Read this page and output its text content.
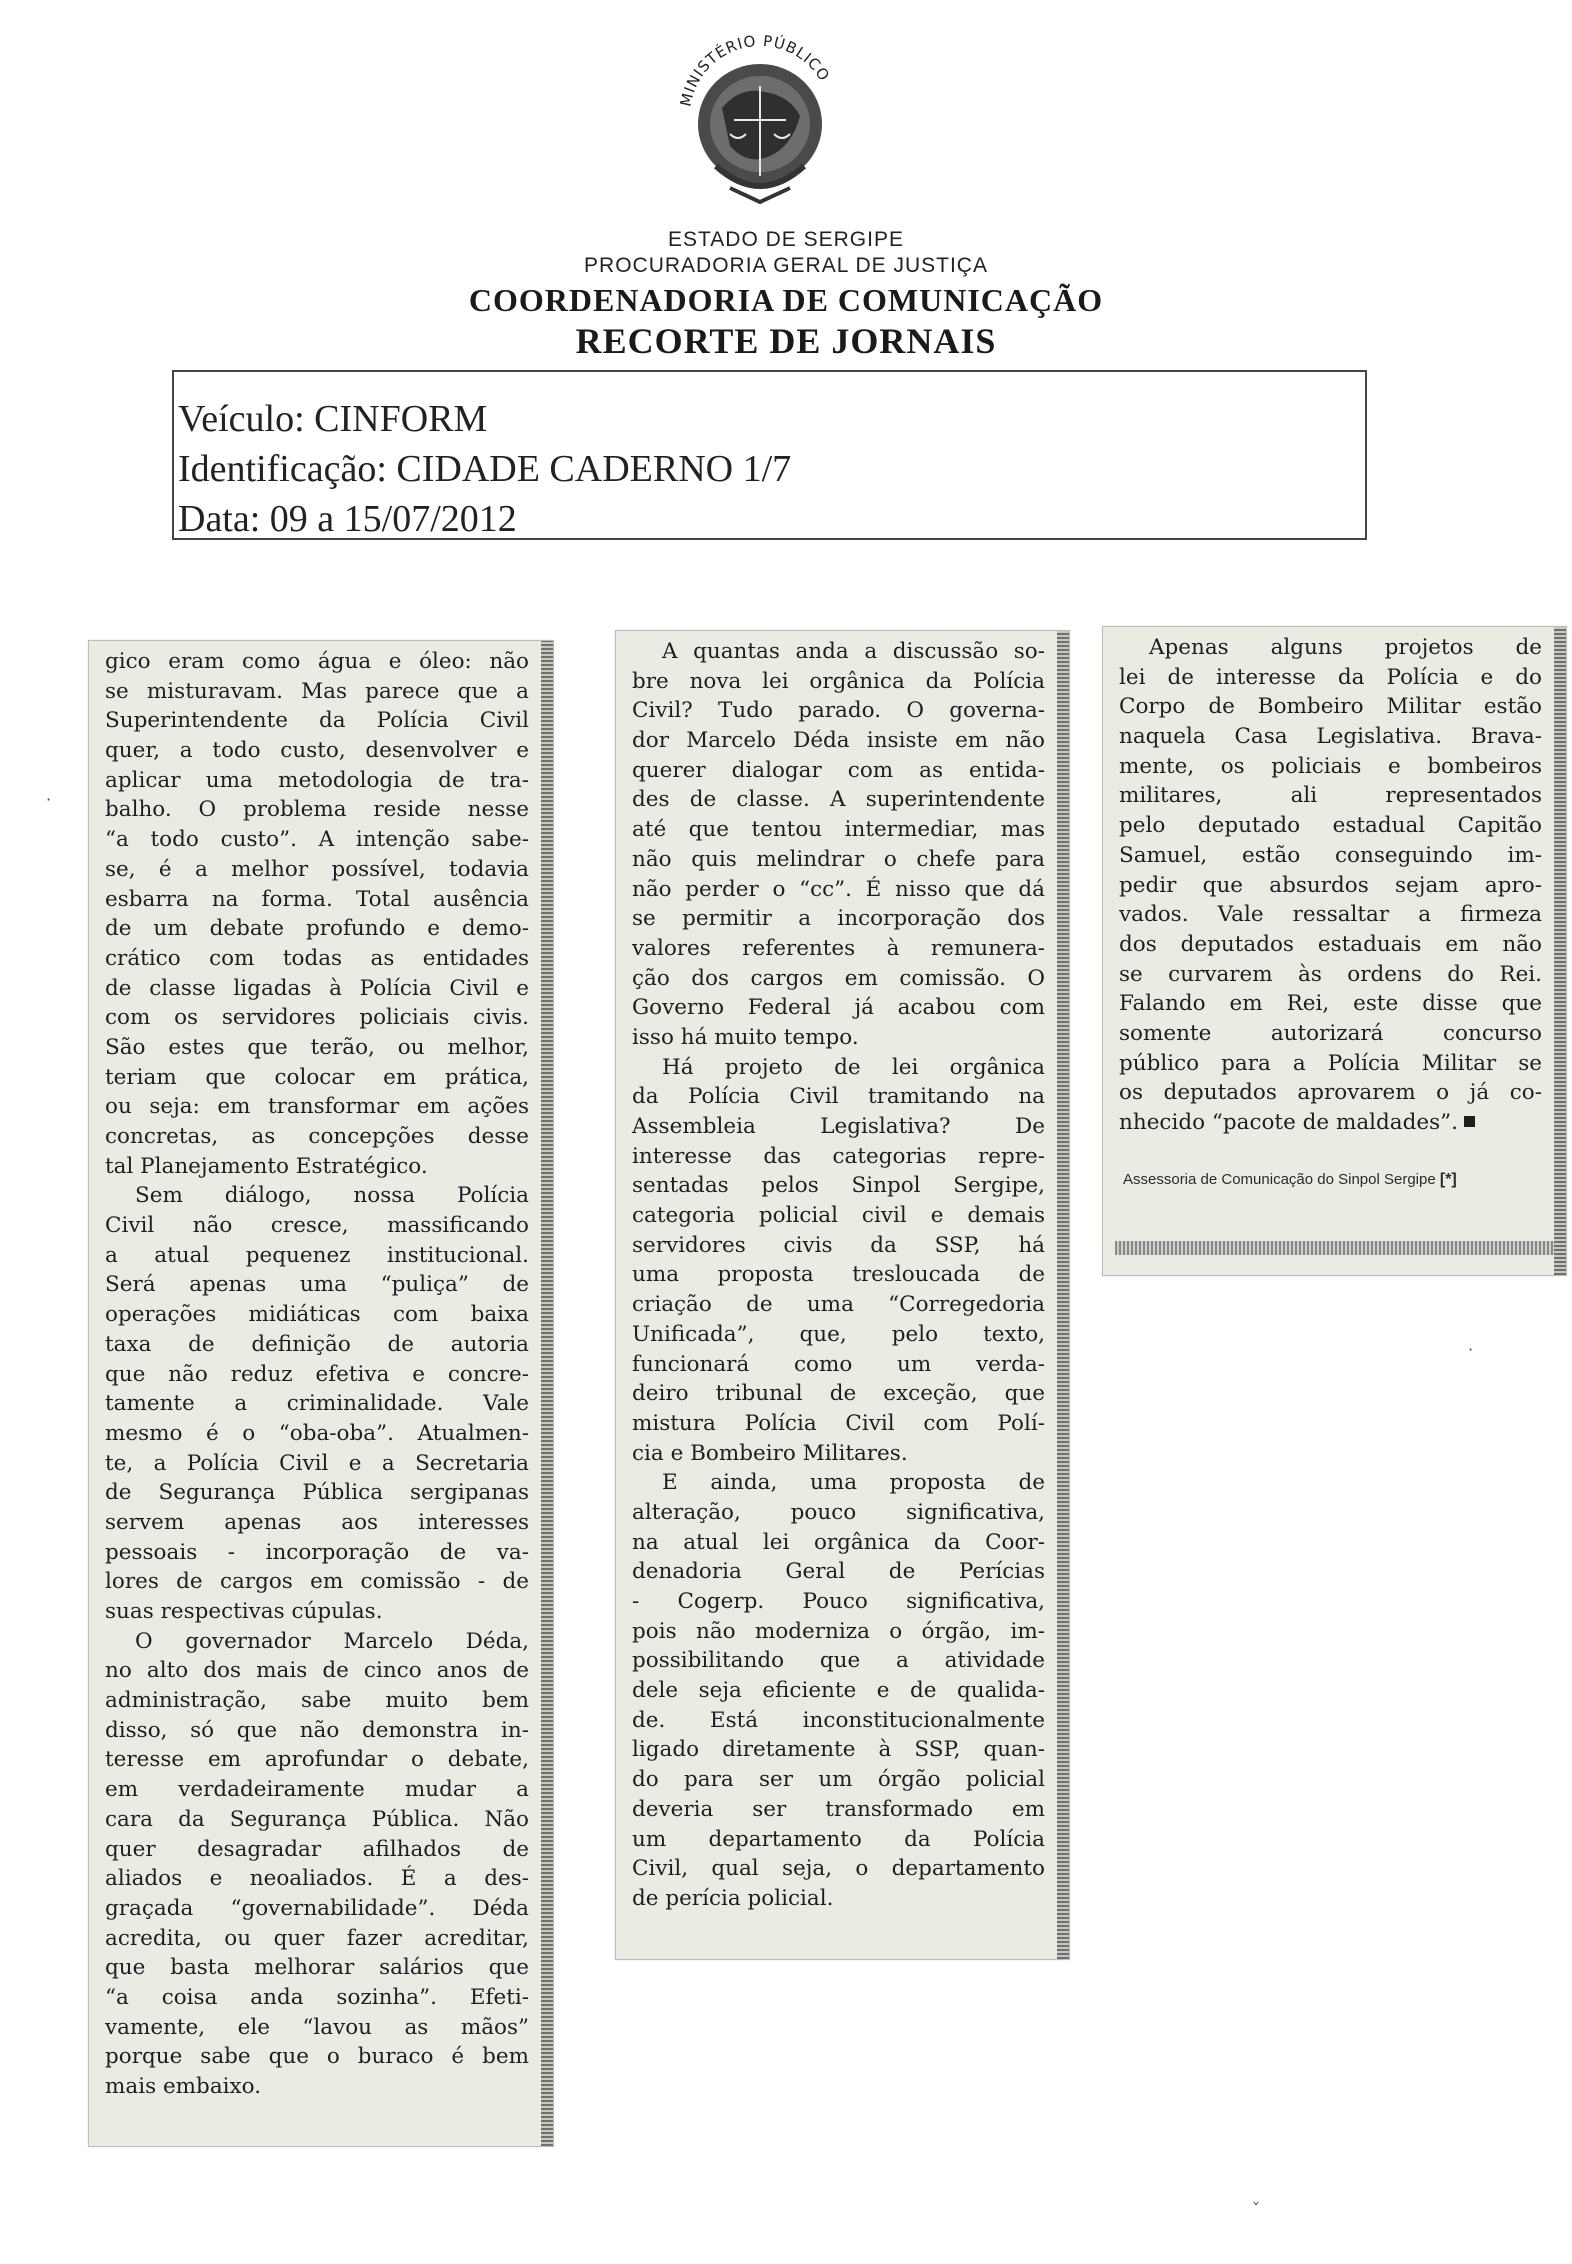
MINISTÉRIO PÚBLICO
ESTADO DE SERGIPE
PROCURADORIA GERAL DE JUSTIÇA
COORDENADORIA DE COMUNICAÇÃO
RECORTE DE JORNAIS
Veículo: CINFORM
Identificação: CIDADE CADERNO 1/7
Data: 09 a 15/07/2012
gico eram como água e óleo: não
se misturavam. Mas parece que a
Superintendente da Polícia Civil
quer, a todo custo, desenvolver e
aplicar uma metodologia de tra-
balho. O problema reside nesse
“a todo custo”. A intenção sabe-
se, é a melhor possível, todavia
esbarra na forma. Total ausência
de um debate profundo e demo-
crático com todas as entidades
de classe ligadas à Polícia Civil e
com os servidores policiais civis.
São estes que terão, ou melhor,
teriam que colocar em prática,
ou seja: em transformar em ações
concretas, as concepções desse
tal Planejamento Estratégico.
Sem diálogo, nossa Polícia
Civil não cresce, massificando
a atual pequenez institucional.
Será apenas uma “puliça” de
operações midiáticas com baixa
taxa de definição de autoria
que não reduz efetiva e concre-
tamente a criminalidade. Vale
mesmo é o “oba-oba”. Atualmen-
te, a Polícia Civil e a Secretaria
de Segurança Pública sergipanas
servem apenas aos interesses
pessoais - incorporação de va-
lores de cargos em comissão - de
suas respectivas cúpulas.
O governador Marcelo Déda,
no alto dos mais de cinco anos de
administração, sabe muito bem
disso, só que não demonstra in-
teresse em aprofundar o debate,
em verdadeiramente mudar a
cara da Segurança Pública. Não
quer desagradar afilhados de
aliados e neoaliados. É a des-
graçada “governabilidade”. Déda
acredita, ou quer fazer acreditar,
que basta melhorar salários que
“a coisa anda sozinha”. Efeti-
vamente, ele “lavou as mãos”
porque sabe que o buraco é bem
mais embaixo.
A quantas anda a discussão so-
bre nova lei orgânica da Polícia
Civil? Tudo parado. O governa-
dor Marcelo Déda insiste em não
querer dialogar com as entida-
des de classe. A superintendente
até que tentou intermediar, mas
não quis melindrar o chefe para
não perder o “cc”. É nisso que dá
se permitir a incorporação dos
valores referentes à remunera-
ção dos cargos em comissão. O
Governo Federal já acabou com
isso há muito tempo.
Há projeto de lei orgânica
da Polícia Civil tramitando na
Assembleia Legislativa? De
interesse das categorias repre-
sentadas pelos Sinpol Sergipe,
categoria policial civil e demais
servidores civis da SSP, há
uma proposta tresloucada de
criação de uma “Corregedoria
Unificada”, que, pelo texto,
funcionará como um verda-
deiro tribunal de exceção, que
mistura Polícia Civil com Polí-
cia e Bombeiro Militares.
E ainda, uma proposta de
alteração, pouco significativa,
na atual lei orgânica da Coor-
denadoria Geral de Perícias
- Cogerp. Pouco significativa,
pois não moderniza o órgão, im-
possibilitando que a atividade
dele seja eficiente e de qualida-
de. Está inconstitucionalmente
ligado diretamente à SSP, quan-
do para ser um órgão policial
deveria ser transformado em
um departamento da Polícia
Civil, qual seja, o departamento
de perícia policial.
Apenas alguns projetos de
lei de interesse da Polícia e do
Corpo de Bombeiro Militar estão
naquela Casa Legislativa. Brava-
mente, os policiais e bombeiros
militares, ali representados
pelo deputado estadual Capitão
Samuel, estão conseguindo im-
pedir que absurdos sejam apro-
vados. Vale ressaltar a firmeza
dos deputados estaduais em não
se curvarem às ordens do Rei.
Falando em Rei, este disse que
somente autorizará concurso
público para a Polícia Militar se
os deputados aprovarem o já co-
nhecido “pacote de maldades”.
Assessoria de Comunicação do Sinpol Sergipe [*]
·
·
ˇ
